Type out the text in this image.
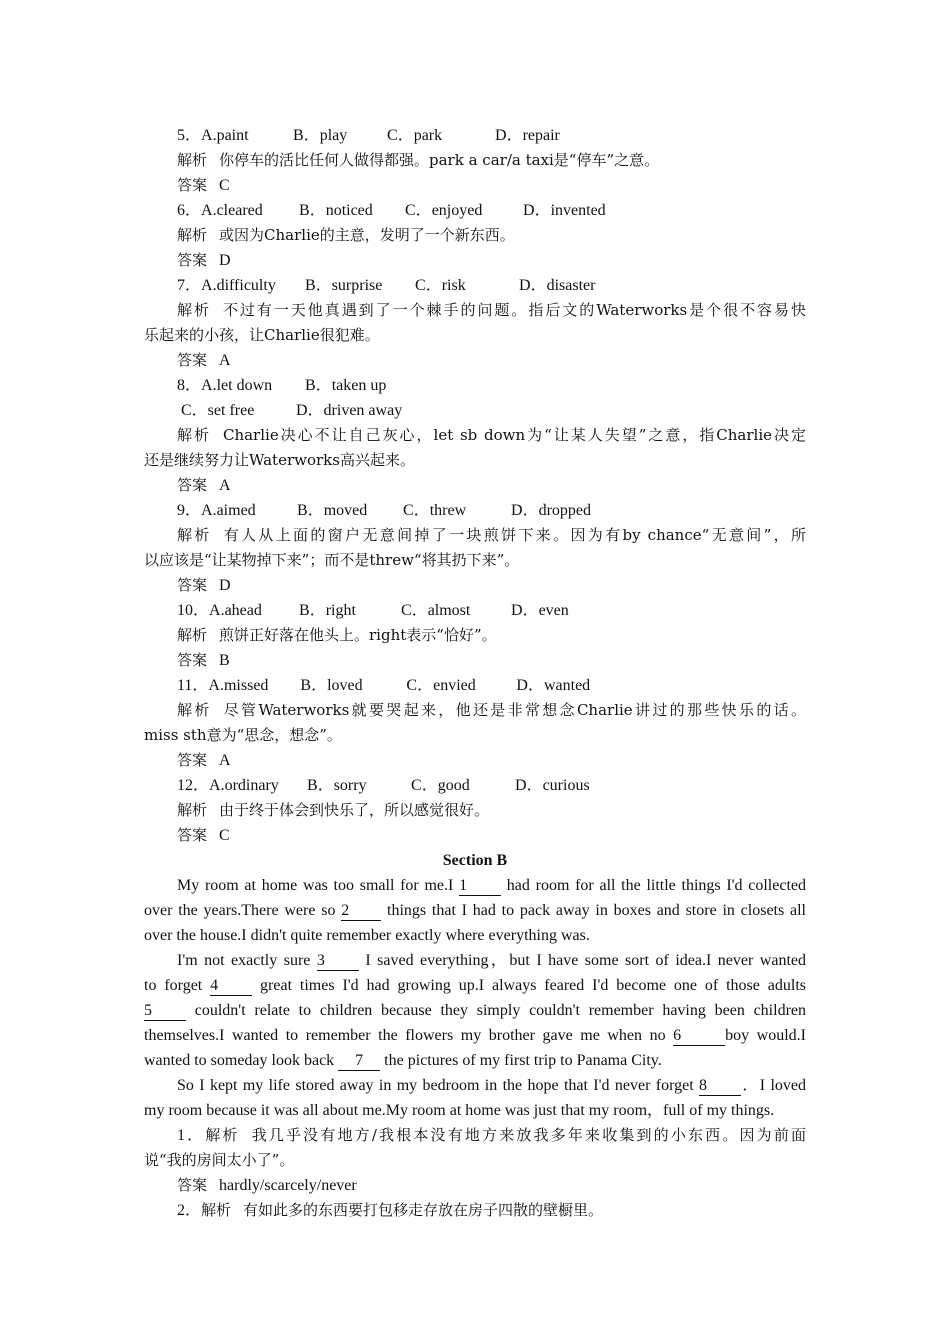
5．A.paint	B．play C．park	D．repair
解析 你停车的活比任何人做得都强。park a car/a taxi是“停车”之意。
答案 C
6．A.cleared B．noticed C．enjoyed	D．invented
解析 或因为Charlie的主意，发明了一个新东西。
答案 D
7．A.difficulty B．surprise C．risk	D．disaster
解析 不过有一天他真遇到了一个棘手的问题。指后文的Waterworks是个很不容易快
乐起来的小孩，让Charlie很犯难。
答案 A
8．A.let down B．taken up
C．set free	D．driven away
解析 Charlie决心不让自己灰心，let sb down为“让某人失望”之意，指Charlie决定
还是继续努力让Waterworks高兴起来。
答案 A
9．A.aimed	B．moved C．threw	D．dropped
解析 有人从上面的窗户无意间掉了一块煎饼下来。因为有by chance“无意间”，所
以应该是“让某物掉下来”；而不是threw“将其扔下来”。
答案 D
10．A.ahead B．right	C．almost	D．even
解析 煎饼正好落在他头上。right表示“恰好”。
答案 B
11．A.missed B．loved	C．envied	D．wanted
解析 尽管Waterworks就要哭起来，他还是非常想念Charlie讲过的那些快乐的话。
miss sth意为“思念，想念”。
答案 A
12．A.ordinary B．sorry	C．good	D．curious
解析 由于终于体会到快乐了，所以感觉很好。
答案 C
Section B
My room at home was too small for me.I 1 had room for all the little things I'd collected
over the years.There were so 2 things that I had to pack away in boxes and store in closets all
over the house.I didn't quite remember exactly where everything was.
I'm not exactly sure 3 I saved everything，but I have some sort of idea.I never wanted
to forget 4 great times I'd had growing up.I always feared I'd become one of those adults
5 couldn't relate to children because they simply couldn't remember having been children
themselves.I wanted to remember the flowers my brother gave me when no 6	boy would.I
wanted to someday look back 7 the pictures of my first trip to Panama City.
So I kept my life stored away in my bedroom in the hope that I'd never forget 8 ．I loved
my room because it was all about me.My room at home was just that my room，full of my things.
1．解析 我几乎没有地方/我根本没有地方来放我多年来收集到的小东西。因为前面
说“我的房间太小了”。
答案 hardly/scarcely/never
2．解析 有如此多的东西要打包移走存放在房子四散的壁橱里。
